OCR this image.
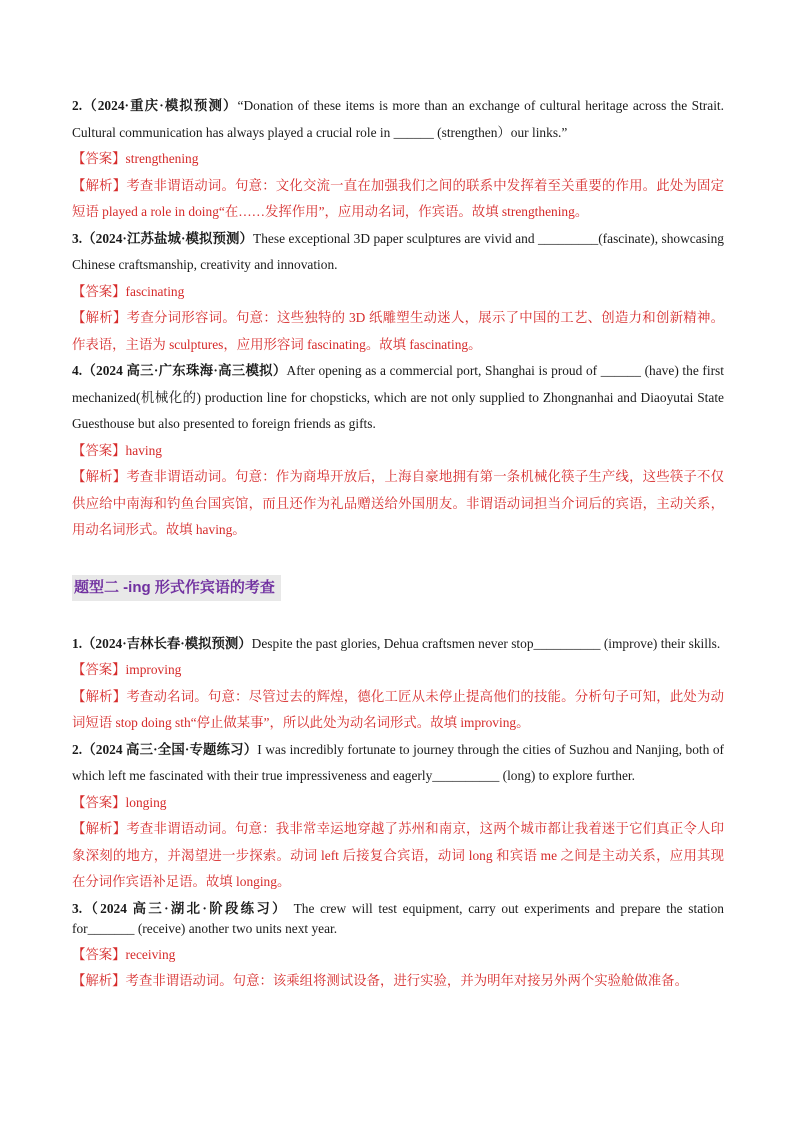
2.（2024·重庆·模拟预测）“Donation of these items is more than an exchange of cultural heritage across the Strait. Cultural communication has always played a crucial role in ______ (strengthen）our links.”

【答案】strengthening

【解析】考查非谓语动词。句意：文化交流一直在加强我们之间的联系中发挥着至关重要的作用。此处为固定短语 played a role in doing“在……发挥作用”，应用动名词，作宾语。故填 strengthening。

3.（2024·江苏盐城·模拟预测）These exceptional 3D paper sculptures are vivid and _________(fascinate), showcasing Chinese craftsmanship, creativity and innovation.

【答案】fascinating

【解析】考查分词形容词。句意：这些独特的 3D 纸雕塑生动迷人，展示了中国的工艺、创造力和创新精神。作表语，主语为 sculptures，应用形容词 fascinating。故填 fascinating。

4.（2024 高三·广东珠海·高三模拟）After opening as a commercial port, Shanghai is proud of ______ (have) the first mechanized(机械化的) production line for chopsticks, which are not only supplied to Zhongnanhai and Diaoyutai State Guesthouse but also presented to foreign friends as gifts.

【答案】having

【解析】考查非谓语动词。句意：作为商埠开放后，上海自豪地拥有第一条机械化筷子生产线，这些筷子不仅供应给中南海和钓鱼台国宾馆，而且还作为礼品赠送给外国朋友。非谓语动词担当介词后的宾语，主动关系，用动名词形式。故填 having。

题型二 -ing 形式作宾语的考查

1.（2024·吉林长春·模拟预测）Despite the past glories, Dehua craftsmen never stop__________ (improve) their skills.

【答案】improving

【解析】考查动名词。句意：尽管过去的辉煌，德化工匠从未停止提高他们的技能。分析句子可知，此处为动词短语 stop doing sth“停止做某事”，所以此处为动名词形式。故填 improving。

2.（2024 高三·全国·专题练习）I was incredibly fortunate to journey through the cities of Suzhou and Nanjing, both of which left me fascinated with their true impressiveness and eagerly__________ (long) to explore further.

【答案】longing

【解析】考查非谓语动词。句意：我非常幸运地穿越了苏州和南京，这两个城市都让我着迷于它们真正令人印象深刻的地方，并渴望进一步探索。动词 left 后接复合宾语，动词 long 和宾语 me 之间是主动关系，应用其现在分词作宾语补足语。故填 longing。

3.（2024 高三·湖北·阶段练习） The crew will test equipment, carry out experiments and prepare the station for_______ (receive) another two units next year.

【答案】receiving

【解析】考查非谓语动词。句意：该乘组将测试设备，进行实验，并为明年对接另外两个实验舱做准备。
